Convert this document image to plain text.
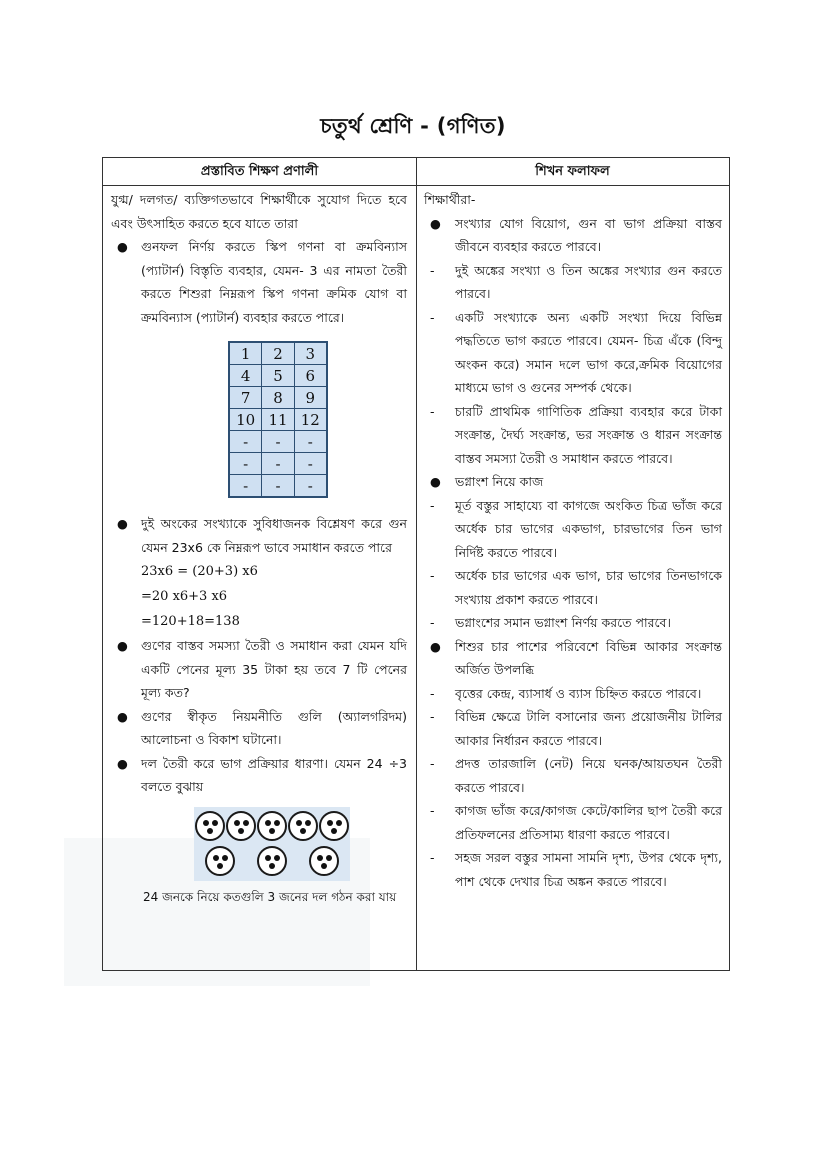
চতুর্থ শ্রেণি - (গণিত)
প্রস্তাবিত শিক্ষণ প্রণালী	শিখন ফলাফল

যুগ্ম/ দলগত/ ব্যক্তিগতভাবে শিক্ষার্থীকে সুযোগ দিতে হবে এবং উৎসাহিত করতে হবে যাতে তারা

● গুনফল নির্ণয় করতে স্কিপ গণনা বা ক্রমবিন্যাস (প্যাটার্ন) বিস্তৃতি ব্যবহার, যেমন- 3 এর নামতা তৈরী করতে শিশুরা নিম্নরূপ স্কিপ গণনা ক্রমিক যোগ বা ক্রমবিন্যাস (প্যাটার্ন) ব্যবহার করতে পারে।

1	2	3
4	5	6
7	8	9
10	11	12
-	-	-
-	-	-
-	-	-
● দুই অংকের সংখ্যাকে সুবিধাজনক বিশ্লেষণ করে গুন যেমন 23x6 কে নিম্নরূপ ভাবে সমাধান করতে পারে

23x6 = (20+3) x6

=20 x6+3 x6

=120+18=138

● গুণের বাস্তব সমস্যা তৈরী ও সমাধান করা যেমন যদি একটি পেনের মূল্য 35 টাকা হয় তবে 7 টি পেনের মূল্য কত?

● গুণের স্বীকৃত নিয়মনীতি গুলি (অ্যালগরিদম) আলোচনা ও বিকাশ ঘটানো।

● দল তৈরী করে ভাগ প্রক্রিয়ার ধারণা। যেমন 24 ÷3 বলতে বুঝায়

24 জনকে নিয়ে কতগুলি 3 জনের দল গঠন করা যায়

শিক্ষার্থীরা-

● সংখ্যার যোগ বিয়োগ, গুন বা ভাগ প্রক্রিয়া বাস্তব জীবনে ব্যবহার করতে পারবে।

- দুই অঙ্কের সংখ্যা ও তিন অঙ্কের সংখ্যার গুন করতে পারবে।

- একটি সংখ্যাকে অন্য একটি সংখ্যা দিয়ে বিভিন্ন পদ্ধতিতে ভাগ করতে পারবে। যেমন- চিত্র এঁকে (বিন্দু অংকন করে) সমান দলে ভাগ করে,ক্রমিক বিয়োগের মাধ্যমে ভাগ ও গুনের সম্পর্ক থেকে।

- চারটি প্রাথমিক গাণিতিক প্রক্রিয়া ব্যবহার করে টাকা সংক্রান্ত, দৈর্ঘ্য সংক্রান্ত, ভর সংক্রান্ত ও ধারন সংক্রান্ত বাস্তব সমস্যা তৈরী ও সমাধান করতে পারবে।

● ভগ্নাংশ নিয়ে কাজ

- মূর্ত বস্তুর সাহায্যে বা কাগজে অংকিত চিত্র ভাঁজ করে অর্ধেক চার ভাগের একভাগ, চারভাগের তিন ভাগ নির্দিষ্ট করতে পারবে।

- অর্ধেক চার ভাগের এক ভাগ, চার ভাগের তিনভাগকে সংখ্যায় প্রকাশ করতে পারবে।

- ভগ্নাংশের সমান ভগ্নাংশ নির্ণয় করতে পারবে।

● শিশুর চার পাশের পরিবেশে বিভিন্ন আকার সংক্রান্ত অর্জিত উপলব্ধি

- বৃত্তের কেন্দ্র, ব্যাসার্ধ ও ব্যাস চিহ্নিত করতে পারবে।

- বিভিন্ন ক্ষেত্রে টালি বসানোর জন্য প্রয়োজনীয় টালির আকার নির্ধারন করতে পারবে।

- প্রদত্ত তারজালি (নেট) নিয়ে ঘনক/আয়তঘন তৈরী করতে পারবে।

- কাগজ ভাঁজ করে/কাগজ কেটে/কালির ছাপ তৈরী করে প্রতিফলনের প্রতিসাম্য ধারণা করতে পারবে।

- সহজ সরল বস্তুর সামনা সামনি দৃশ্য, উপর থেকে দৃশ্য, পাশ থেকে দেখার চিত্র অঙ্কন করতে পারবে।
